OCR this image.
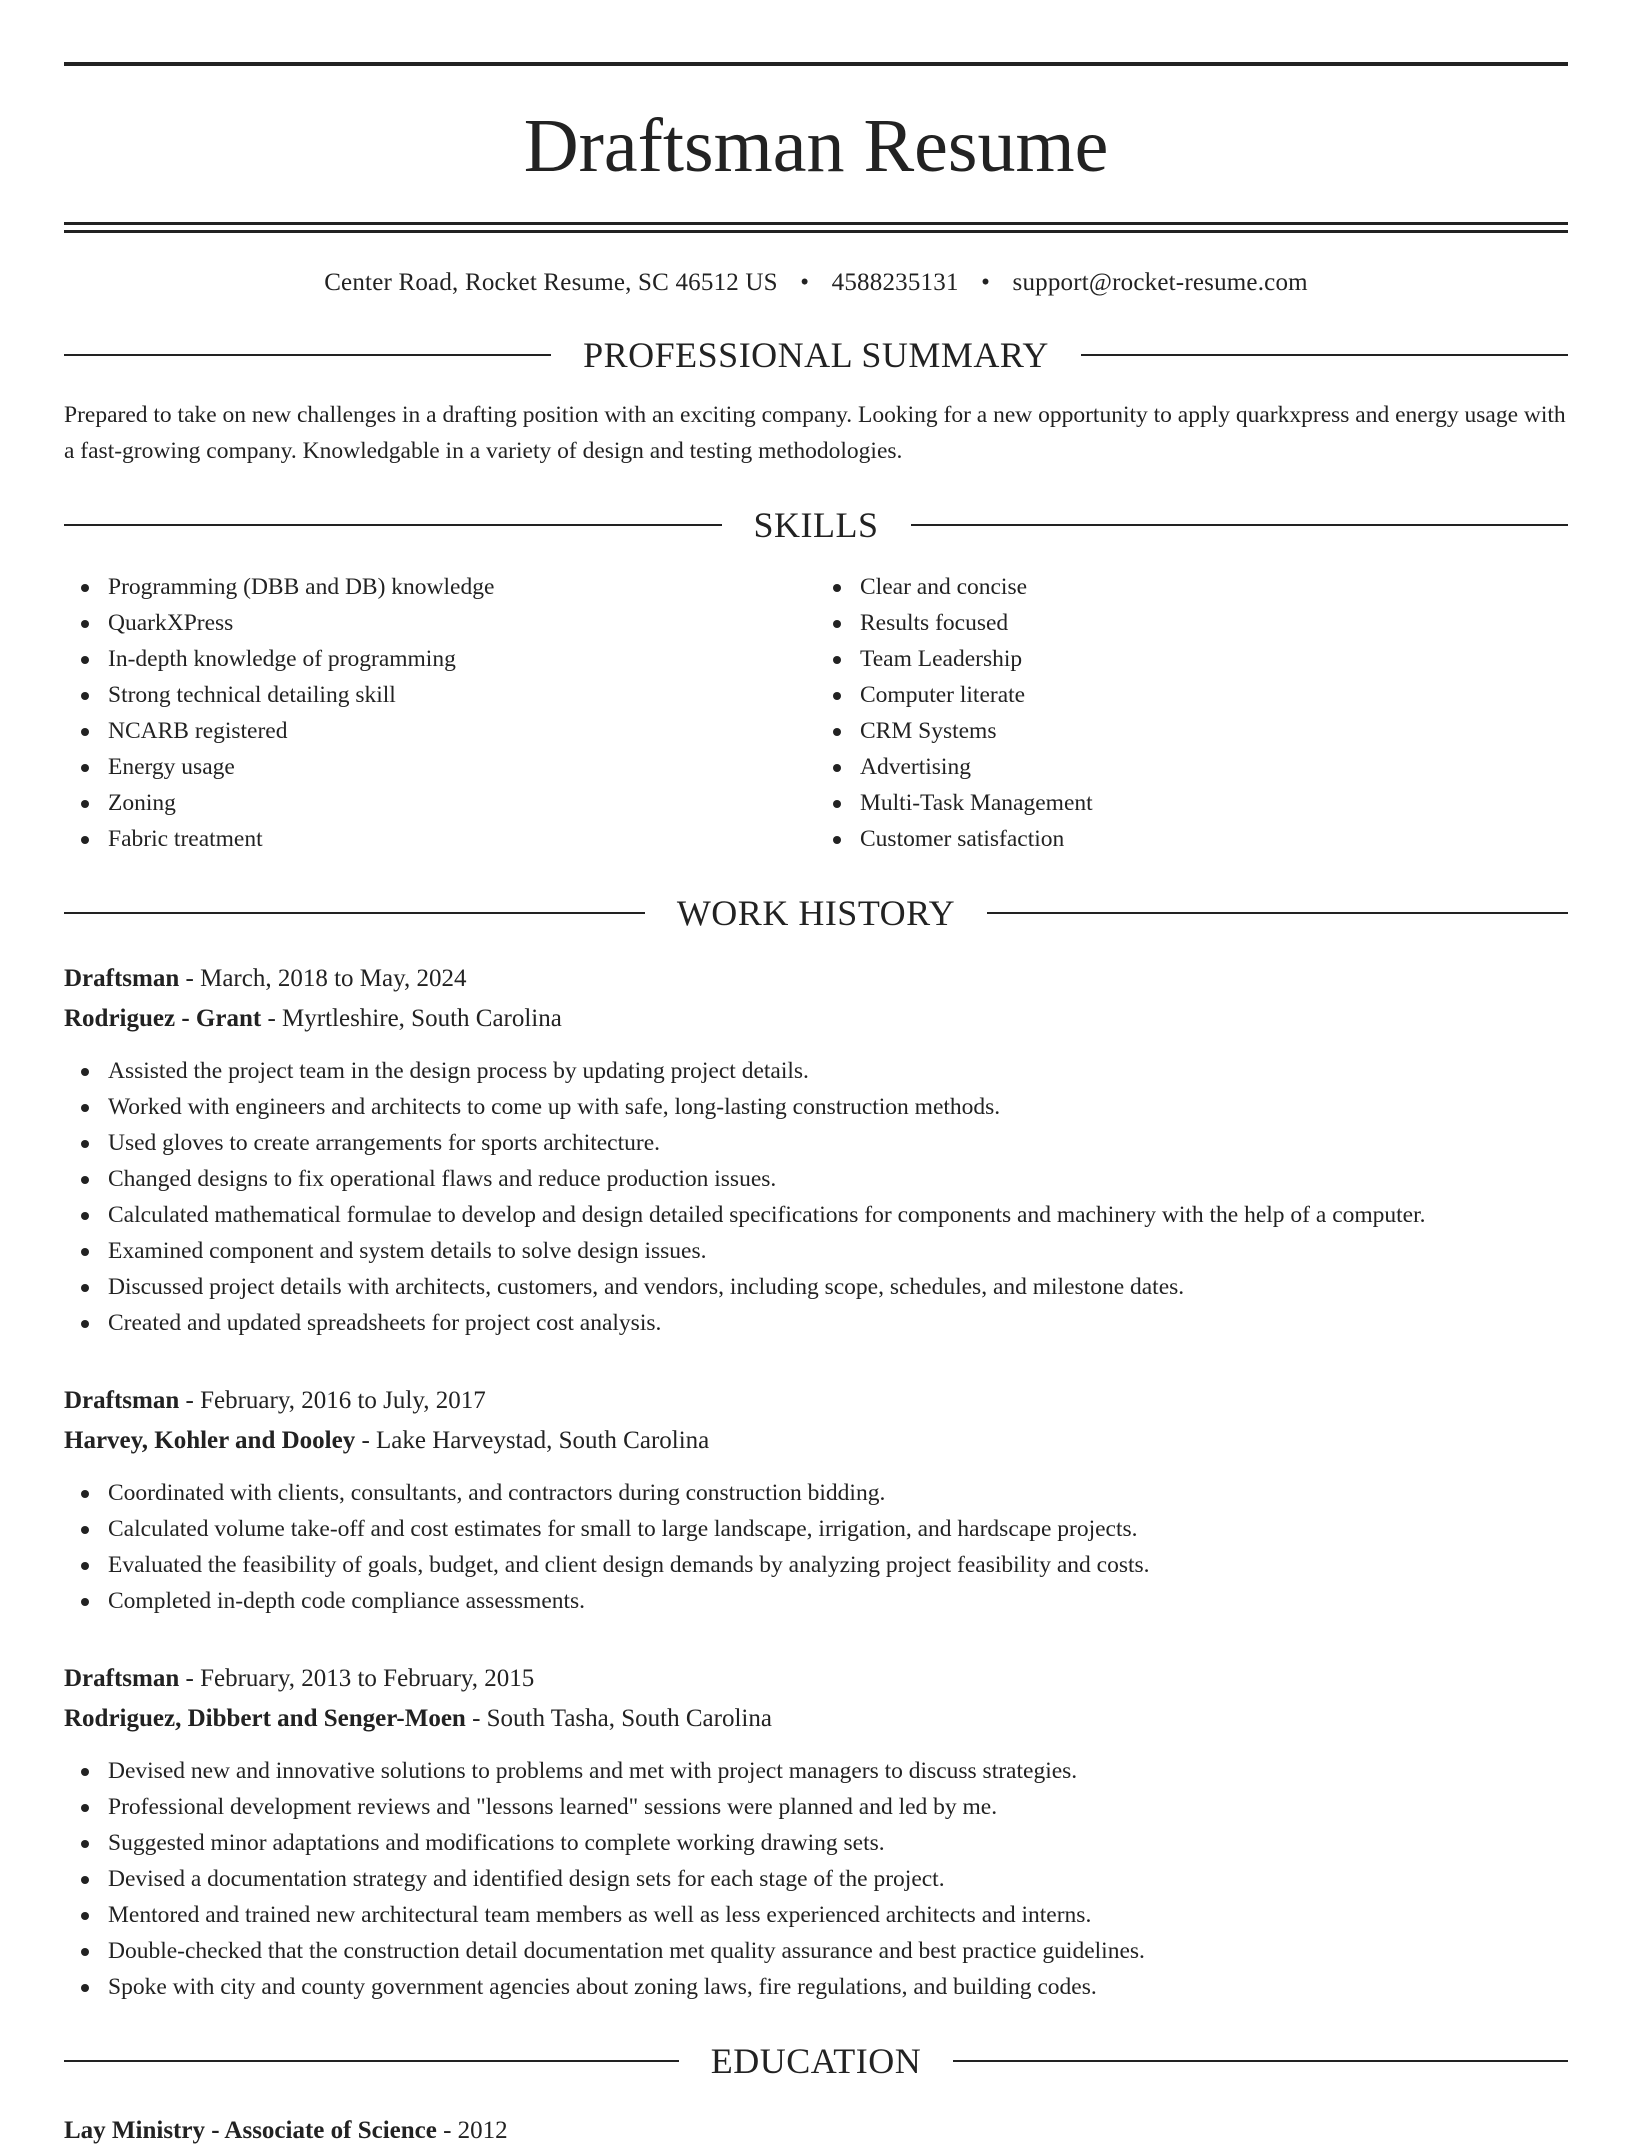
Draftsman Resume
Center Road, Rocket Resume, SC 46512 US • 4588235131 • support@rocket-resume.com
PROFESSIONAL SUMMARY

Prepared to take on new challenges in a drafting position with an exciting company. Looking for a new opportunity to apply quarkxpress and energy usage with a fast-growing company. Knowledgable in a variety of design and testing methodologies.

SKILLS
Programming (DBB and DB) knowledge
QuarkXPress
In-depth knowledge of programming
Strong technical detailing skill
NCARB registered
Energy usage
Zoning
Fabric treatment
Clear and concise
Results focused
Team Leadership
Computer literate
CRM Systems
Advertising
Multi-Task Management
Customer satisfaction
WORK HISTORY
Draftsman - March, 2018 to May, 2024
Rodriguez - Grant - Myrtleshire, South Carolina
Assisted the project team in the design process by updating project details.
Worked with engineers and architects to come up with safe, long-lasting construction methods.
Used gloves to create arrangements for sports architecture.
Changed designs to fix operational flaws and reduce production issues.
Calculated mathematical formulae to develop and design detailed specifications for components and machinery with the help of a computer.
Examined component and system details to solve design issues.
Discussed project details with architects, customers, and vendors, including scope, schedules, and milestone dates.
Created and updated spreadsheets for project cost analysis.
Draftsman - February, 2016 to July, 2017
Harvey, Kohler and Dooley - Lake Harveystad, South Carolina
Coordinated with clients, consultants, and contractors during construction bidding.
Calculated volume take-off and cost estimates for small to large landscape, irrigation, and hardscape projects.
Evaluated the feasibility of goals, budget, and client design demands by analyzing project feasibility and costs.
Completed in-depth code compliance assessments.
Draftsman - February, 2013 to February, 2015
Rodriguez, Dibbert and Senger-Moen - South Tasha, South Carolina
Devised new and innovative solutions to problems and met with project managers to discuss strategies.
Professional development reviews and "lessons learned" sessions were planned and led by me.
Suggested minor adaptations and modifications to complete working drawing sets.
Devised a documentation strategy and identified design sets for each stage of the project.
Mentored and trained new architectural team members as well as less experienced architects and interns.
Double-checked that the construction detail documentation met quality assurance and best practice guidelines.
Spoke with city and county government agencies about zoning laws, fire regulations, and building codes.
EDUCATION
Lay Ministry - Associate of Science - 2012
